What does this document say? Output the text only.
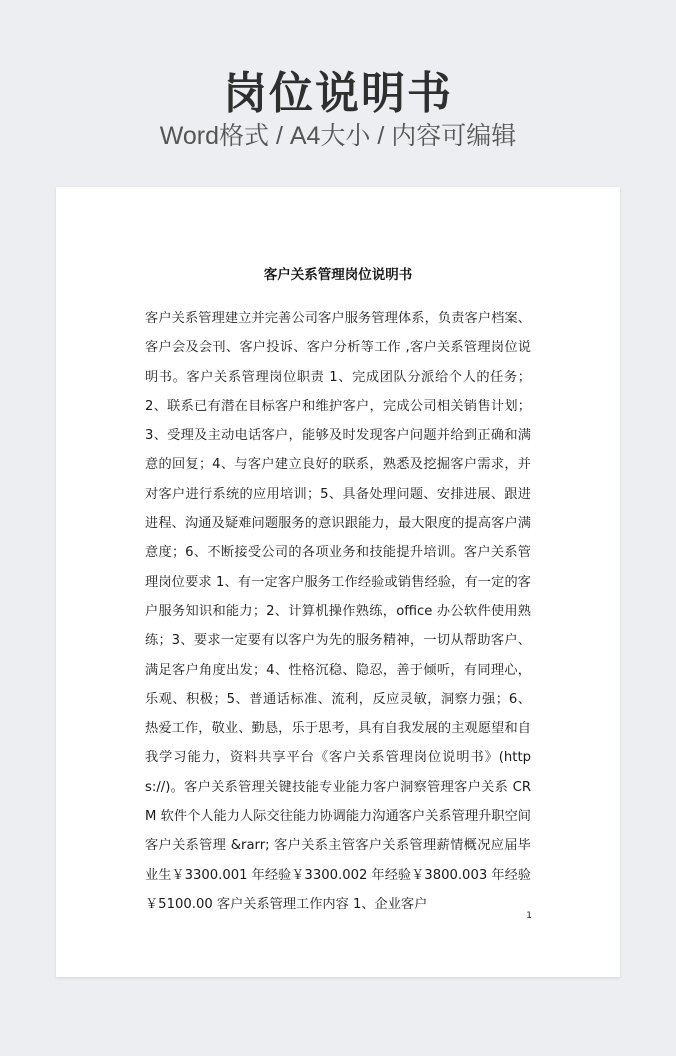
岗位说明书
Word格式 / A4大小 / 内容可编辑
客户关系管理岗位说明书

客户关系管理建立并完善公司客户服务管理体系，负责客户档案、客户会及会刊、客户投诉、客户分析等工作 ,客户关系管理岗位说明书。客户关系管理岗位职责 1、完成团队分派给个人的任务；2、联系已有潜在目标客户和维护客户，完成公司相关销售计划；3、受理及主动电话客户，能够及时发现客户问题并给到正确和满意的回复；4、与客户建立良好的联系，熟悉及挖掘客户需求，并对客户进行系统的应用培训；5、具备处理问题、安排进展、跟进进程、沟通及疑难问题服务的意识跟能力，最大限度的提高客户满意度；6、不断接受公司的各项业务和技能提升培训。客户关系管理岗位要求 1、有一定客户服务工作经验或销售经验，有一定的客户服务知识和能力；2、计算机操作熟练，office 办公软件使用熟练；3、要求一定要有以客户为先的服务精神，一切从帮助客户、满足客户角度出发；4、性格沉稳、隐忍，善于倾听，有同理心，乐观、积极；5、普通话标准、流利，反应灵敏，洞察力强；6、热爱工作，敬业、勤恳，乐于思考，具有自我发展的主观愿望和自我学习能力，资料共享平台《客户关系管理岗位说明书》(https://)。客户关系管理关键技能专业能力客户洞察管理客户关系 CRM 软件个人能力人际交往能力协调能力沟通客户关系管理升职空间客户关系管理 &rarr; 客户关系主管客户关系管理薪情概况应届毕业生￥3300.001 年经验￥3300.002 年经验￥3800.003 年经验￥5100.00 客户关系管理工作内容 1、企业客户

1
